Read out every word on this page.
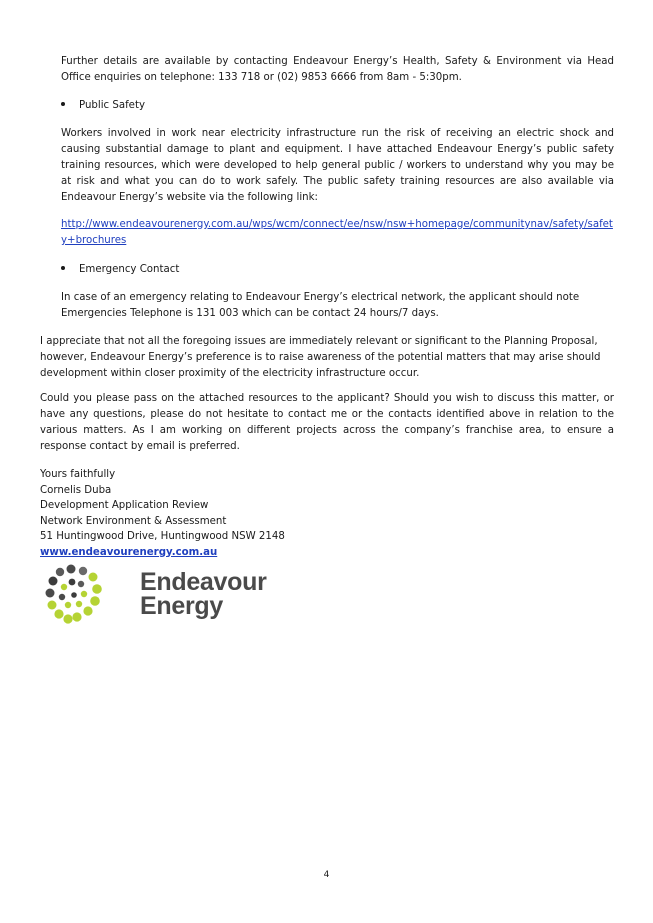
Further details are available by contacting Endeavour Energy’s Health, Safety & Environment via Head Office enquiries on telephone: 133 718 or (02) 9853 6666 from 8am - 5:30pm.

Public Safety

Workers involved in work near electricity infrastructure run the risk of receiving an electric shock and causing substantial damage to plant and equipment. I have attached Endeavour Energy’s public safety training resources, which were developed to help general public / workers to understand why you may be at risk and what you can do to work safely. The public safety training resources are also available via Endeavour Energy’s website via the following link:

http://www.endeavourenergy.com.au/wps/wcm/connect/ee/nsw/nsw+homepage/communitynav/safety/safet
y+brochures
Emergency Contact

In case of an emergency relating to Endeavour Energy’s electrical network, the applicant should note Emergencies Telephone is 131 003 which can be contact 24 hours/7 days.

I appreciate that not all the foregoing issues are immediately relevant or significant to the Planning Proposal, however, Endeavour Energy’s preference is to raise awareness of the potential matters that may arise should development within closer proximity of the electricity infrastructure occur.

Could you please pass on the attached resources to the applicant? Should you wish to discuss this matter, or have any questions, please do not hesitate to contact me or the contacts identified above in relation to the various matters. As I am working on different projects across the company’s franchise area, to ensure a response contact by email is preferred.

Yours faithfully
Cornelis Duba
Development Application Review
Network Environment & Assessment
51 Huntingwood Drive, Huntingwood NSW 2148
www.endeavourenergy.com.au
Endeavour
Energy
4
